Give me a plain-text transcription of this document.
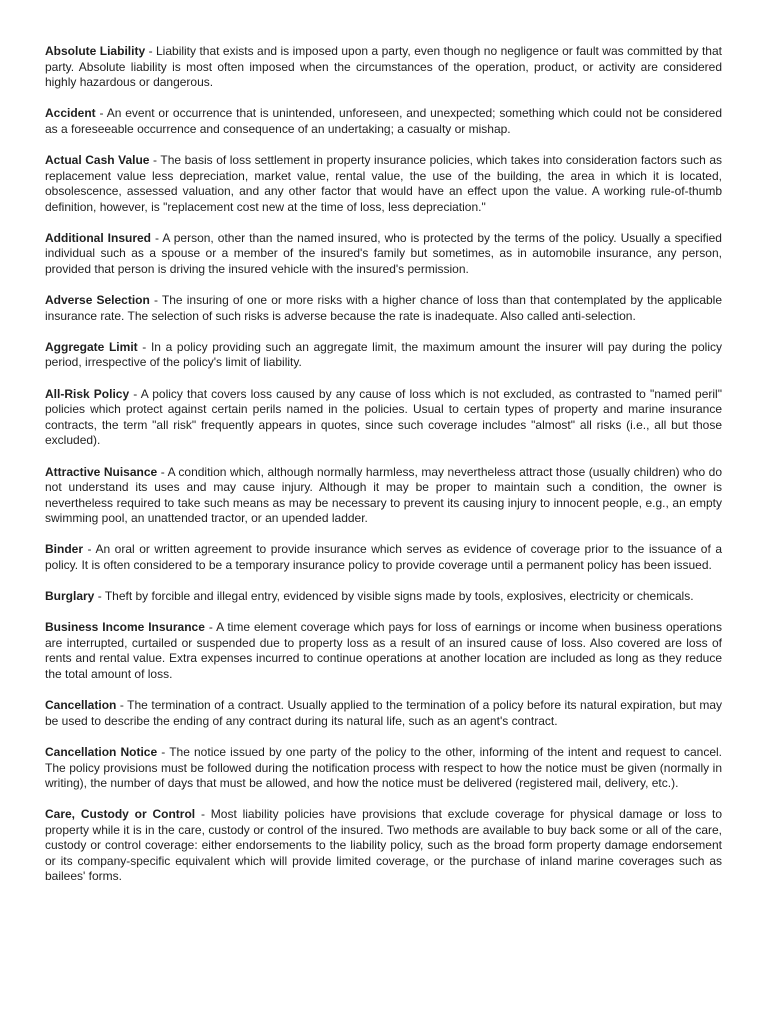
Absolute Liability - Liability that exists and is imposed upon a party, even though no negligence or fault was committed by that party. Absolute liability is most often imposed when the circumstances of the operation, product, or activity are considered highly hazardous or dangerous.

Accident - An event or occurrence that is unintended, unforeseen, and unexpected; something which could not be considered as a foreseeable occurrence and consequence of an undertaking; a casualty or mishap.

Actual Cash Value - The basis of loss settlement in property insurance policies, which takes into consideration factors such as replacement value less depreciation, market value, rental value, the use of the building, the area in which it is located, obsolescence, assessed valuation, and any other factor that would have an effect upon the value. A working rule-of-thumb definition, however, is "replacement cost new at the time of loss, less depreciation."

Additional Insured - A person, other than the named insured, who is protected by the terms of the policy. Usually a specified individual such as a spouse or a member of the insured's family but sometimes, as in automobile insurance, any person, provided that person is driving the insured vehicle with the insured's permission.

Adverse Selection - The insuring of one or more risks with a higher chance of loss than that contemplated by the applicable insurance rate. The selection of such risks is adverse because the rate is inadequate. Also called anti-selection.

Aggregate Limit - In a policy providing such an aggregate limit, the maximum amount the insurer will pay during the policy period, irrespective of the policy's limit of liability.

All-Risk Policy - A policy that covers loss caused by any cause of loss which is not excluded, as contrasted to "named peril" policies which protect against certain perils named in the policies. Usual to certain types of property and marine insurance contracts, the term "all risk" frequently appears in quotes, since such coverage includes "almost" all risks (i.e., all but those excluded).

Attractive Nuisance - A condition which, although normally harmless, may nevertheless attract those (usually children) who do not understand its uses and may cause injury. Although it may be proper to maintain such a condition, the owner is nevertheless required to take such means as may be necessary to prevent its causing injury to innocent people, e.g., an empty swimming pool, an unattended tractor, or an upended ladder.

Binder - An oral or written agreement to provide insurance which serves as evidence of coverage prior to the issuance of a policy. It is often considered to be a temporary insurance policy to provide coverage until a permanent policy has been issued.

Burglary - Theft by forcible and illegal entry, evidenced by visible signs made by tools, explosives, electricity or chemicals.

Business Income Insurance - A time element coverage which pays for loss of earnings or income when business operations are interrupted, curtailed or suspended due to property loss as a result of an insured cause of loss. Also covered are loss of rents and rental value. Extra expenses incurred to continue operations at another location are included as long as they reduce the total amount of loss.

Cancellation - The termination of a contract. Usually applied to the termination of a policy before its natural expiration, but may be used to describe the ending of any contract during its natural life, such as an agent's contract.

Cancellation Notice - The notice issued by one party of the policy to the other, informing of the intent and request to cancel. The policy provisions must be followed during the notification process with respect to how the notice must be given (normally in writing), the number of days that must be allowed, and how the notice must be delivered (registered mail, delivery, etc.).

Care, Custody or Control - Most liability policies have provisions that exclude coverage for physical damage or loss to property while it is in the care, custody or control of the insured. Two methods are available to buy back some or all of the care, custody or control coverage: either endorsements to the liability policy, such as the broad form property damage endorsement or its company-specific equivalent which will provide limited coverage, or the purchase of inland marine coverages such as bailees' forms.
